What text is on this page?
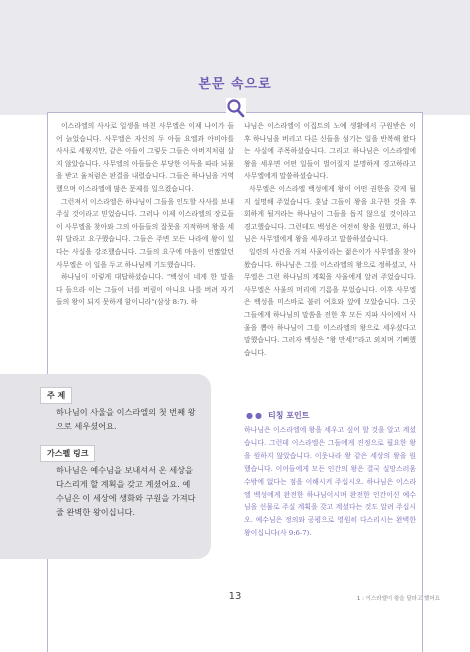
본문 속으로

이스라엘의 사사로 일생을 바친 사무엘은 이제 나이가 들어 늙었습니다. 사무엘은 자신의 두 아들 요엘과 아비야를 사사로 세웠지만, 같은 아들이 그렇듯 그들은 아버지처럼 살지 않았습니다. 사무엘의 아들들은 부당한 이득을 따라 뇌물을 받고 율처럼은 판결을 내렸습니다. 그들은 하나님을 거역했으며 이스라엘에 많은 문제를 일으켰습니다.

그런져서 이스라엘은 하나님이 그들을 인도할 사사를 보내 주실 것이라고 믿었습니다. 그러나 이제 이스라엘의 장로들이 사무엘을 찾아와 그의 아들들의 잘못을 지적하며 왕을 세워 달라고 요구했습니다. 그들은 주변 모든 나라에 왕이 있다는 사실을 강조했습니다. 그들의 요구에 마음이 언짢았던 사무엘은 이 일을 두고 하나님께 기도했습니다.

하나님이 이렇게 대답하셨습니다. "백성이 네게 한 말을 다 들으라 이는 그들이 너를 버림이 아니요 나를 버려 자기들의 왕이 되지 못하게 함이니라"(삼상 8:7). 하

나님은 이스라엘이 이집트의 노예 생활에서 구원받은 이후 하나님을 버리고 다른 신들을 섬기는 일을 반복해 왔다는 사실에 주목하셨습니다. 그리고 하나님은 이스라엘에 왕을 세우면 어떤 일들이 벌어질지 분명하게 경고하라고 사무엘에게 말씀하셨습니다.

사무엘은 이스라엘 백성에게 왕이 어떤 권한을 갖게 될지 설명해 주었습니다. 훗날 그들이 왕을 요구한 것을 후회하게 될거라는 하나님이 그들을 돕지 않으실 것이라고 경고했습니다. 그런데도 백성은 여전히 왕을 원했고, 하나님은 사무엘에게 왕을 세우라고 말씀하셨습니다.

일련의 사건을 거쳐 사울이라는 젊은이가 사무엘을 찾아왔습니다. 하나님은 그를 이스라엘의 왕으로 정하셨고, 사무엘은 그런 하나님의 계획을 사울에게 알려 주었습니다. 사무엘은 사울의 머리에 기름을 부었습니다. 이후 사무엘은 백성을 미스바로 불러 여호와 앞에 모았습니다. 그곳 그들에게 하나님의 말씀을 전한 후 모든 지파 사이에서 사울을 뽑아 하나님이 그를 이스라엘의 왕으로 세우셨다고 말했습니다. 그러자 백성은 "왕 만세!"라고 외치며 기뻐했습니다.

주 제
하나님이 사울을 이스라엘의 첫 번째 왕으로 세우셨어요.
가스펠 링크
하나님은 예수님을 보내셔서 온 세상을 다스리게 할 계획을 갖고 계셨어요. 예수님은 이 세상에 생화와 구원을 가져다줄 완벽한 왕이십니다.
●● 티칭 포인트
하나님은 이스라엘에 왕을 세우고 싶어 할 것을 알고 계셨습니다. 그런데 이스라엘은 그들에게 진정으로 필요한 왕을 원하지 않았습니다. 이웃나라 왕 같은 세상의 왕을 원했습니다. 이어들에게 모든 인간의 왕은 결국 실망스러움 수밖에 없다는 점을 이해시켜 주십시오. 하나님은 이스라엘 백성에게 완전한 하나님이시며 완전한 인간이신 예수님을 선물로 주실 계획을 갖고 계셨다는 것도 알려 주십시오. 예수님은 정의와 공평으로 영원히 다스리시는 완벽한 왕이십니다(사 9:6-7).
13	1 : 이스라엘이 왕을 달라고 했어요
